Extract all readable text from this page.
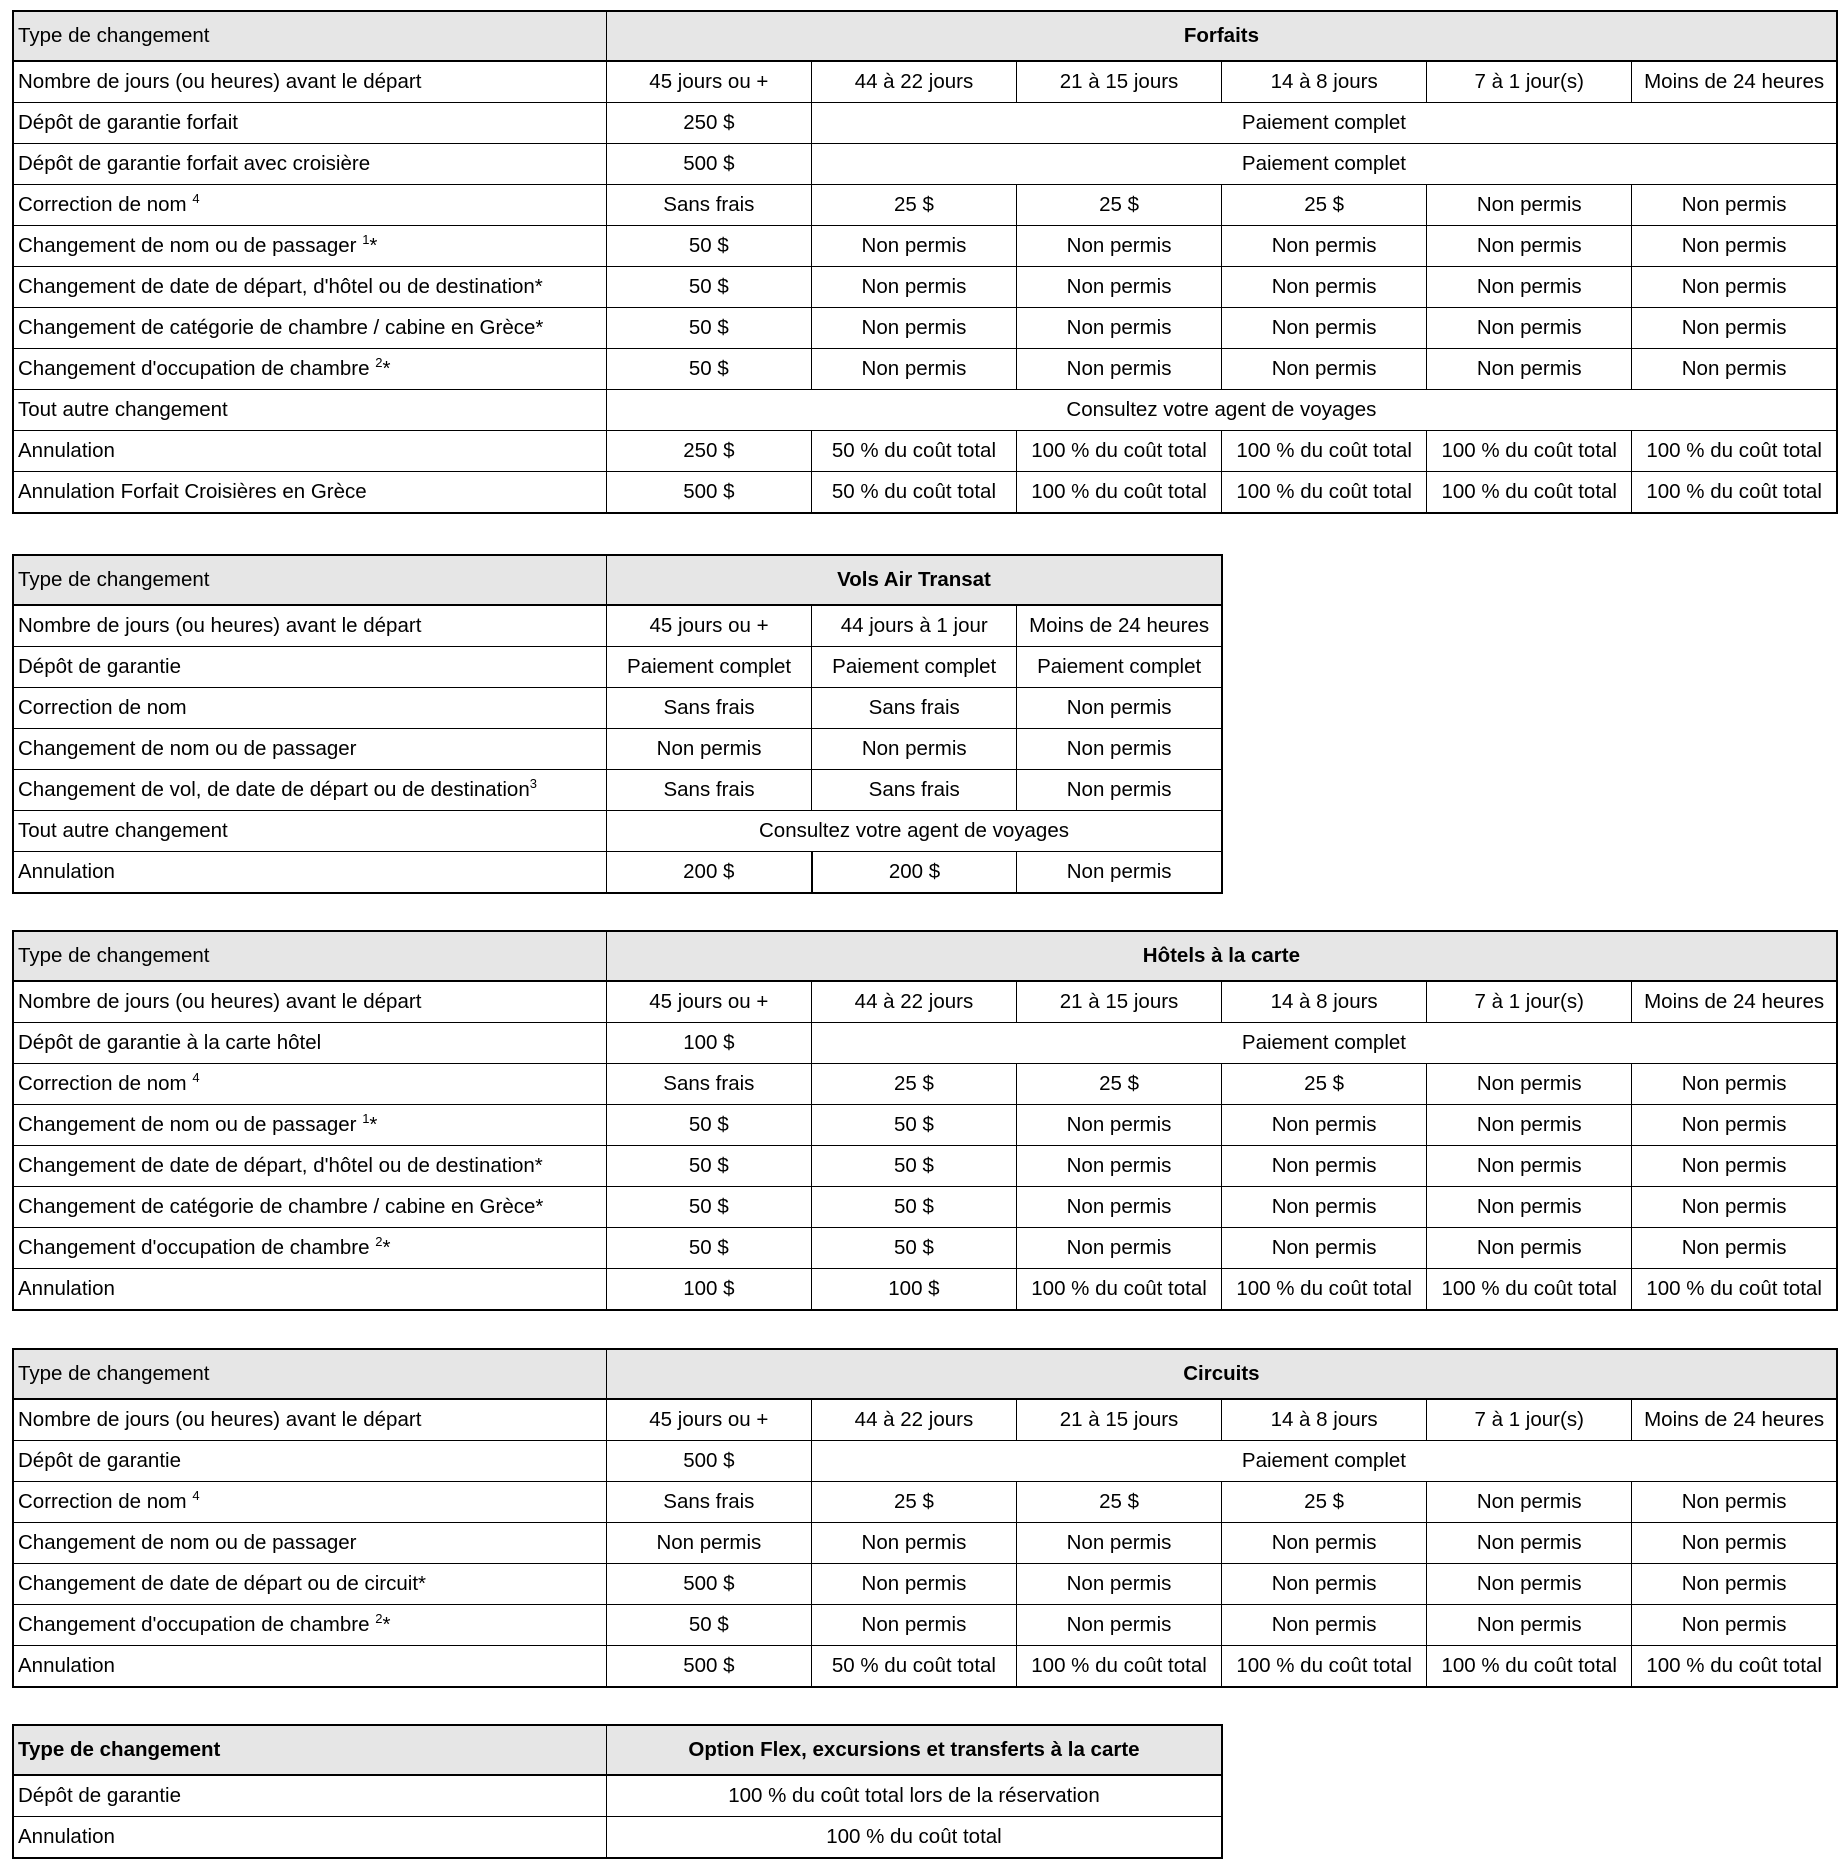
Type de changement	Forfaits					
Nombre de jours (ou heures) avant le départ	45 jours ou +	44 à 22 jours	21 à 15 jours	14 à 8 jours	7 à 1 jour(s)	Moins de 24 heures
Dépôt de garantie forfait	250 $	Paiement complet				
Dépôt de garantie forfait avec croisière	500 $	Paiement complet				
Correction de nom $^4$	Sans frais	25 $	25 $	25 $	Non permis	Non permis
Changement de nom ou de passager $^1$*	50 $	Non permis	Non permis	Non permis	Non permis	Non permis
Changement de date de départ, d'hôtel ou de destination*	50 $	Non permis	Non permis	Non permis	Non permis	Non permis
Changement de catégorie de chambre / cabine en Grèce*	50 $	Non permis	Non permis	Non permis	Non permis	Non permis
Changement d'occupation de chambre $^2$*	50 $	Non permis	Non permis	Non permis	Non permis	Non permis
Tout autre changement	Consultez votre agent de voyages					
Annulation	250 $	50 % du coût total	100 % du coût total	100 % du coût total	100 % du coût total	100 % du coût total
Annulation Forfait Croisières en Grèce	500 $	50 % du coût total	100 % du coût total	100 % du coût total	100 % du coût total	100 % du coût total
Type de changement	Vols Air Transat		
Nombre de jours (ou heures) avant le départ	45 jours ou +	44 jours à 1 jour	Moins de 24 heures
Dépôt de garantie	Paiement complet	Paiement complet	Paiement complet
Correction de nom	Sans frais	Sans frais	Non permis
Changement de nom ou de passager	Non permis	Non permis	Non permis
Changement de vol, de date de départ ou de destination$^3$	Sans frais	Sans frais	Non permis
Tout autre changement	Consultez votre agent de voyages		
Annulation	200 $	200 $	Non permis
Type de changement	Hôtels à la carte					
Nombre de jours (ou heures) avant le départ	45 jours ou +	44 à 22 jours	21 à 15 jours	14 à 8 jours	7 à 1 jour(s)	Moins de 24 heures
Dépôt de garantie à la carte hôtel	100 $	Paiement complet				
Correction de nom $^4$	Sans frais	25 $	25 $	25 $	Non permis	Non permis
Changement de nom ou de passager $^1$*	50 $	50 $	Non permis	Non permis	Non permis	Non permis
Changement de date de départ, d'hôtel ou de destination*	50 $	50 $	Non permis	Non permis	Non permis	Non permis
Changement de catégorie de chambre / cabine en Grèce*	50 $	50 $	Non permis	Non permis	Non permis	Non permis
Changement d'occupation de chambre $^2$*	50 $	50 $	Non permis	Non permis	Non permis	Non permis
Annulation	100 $	100 $	100 % du coût total	100 % du coût total	100 % du coût total	100 % du coût total
Type de changement	Circuits					
Nombre de jours (ou heures) avant le départ	45 jours ou +	44 à 22 jours	21 à 15 jours	14 à 8 jours	7 à 1 jour(s)	Moins de 24 heures
Dépôt de garantie	500 $	Paiement complet				
Correction de nom $^4$	Sans frais	25 $	25 $	25 $	Non permis	Non permis
Changement de nom ou de passager	Non permis	Non permis	Non permis	Non permis	Non permis	Non permis
Changement de date de départ ou de circuit*	500 $	Non permis	Non permis	Non permis	Non permis	Non permis
Changement d'occupation de chambre $^2$*	50 $	Non permis	Non permis	Non permis	Non permis	Non permis
Annulation	500 $	50 % du coût total	100 % du coût total	100 % du coût total	100 % du coût total	100 % du coût total
Type de changement	Option Flex, excursions et transferts à la carte
Dépôt de garantie	100 % du coût total lors de la réservation
Annulation	100 % du coût total
